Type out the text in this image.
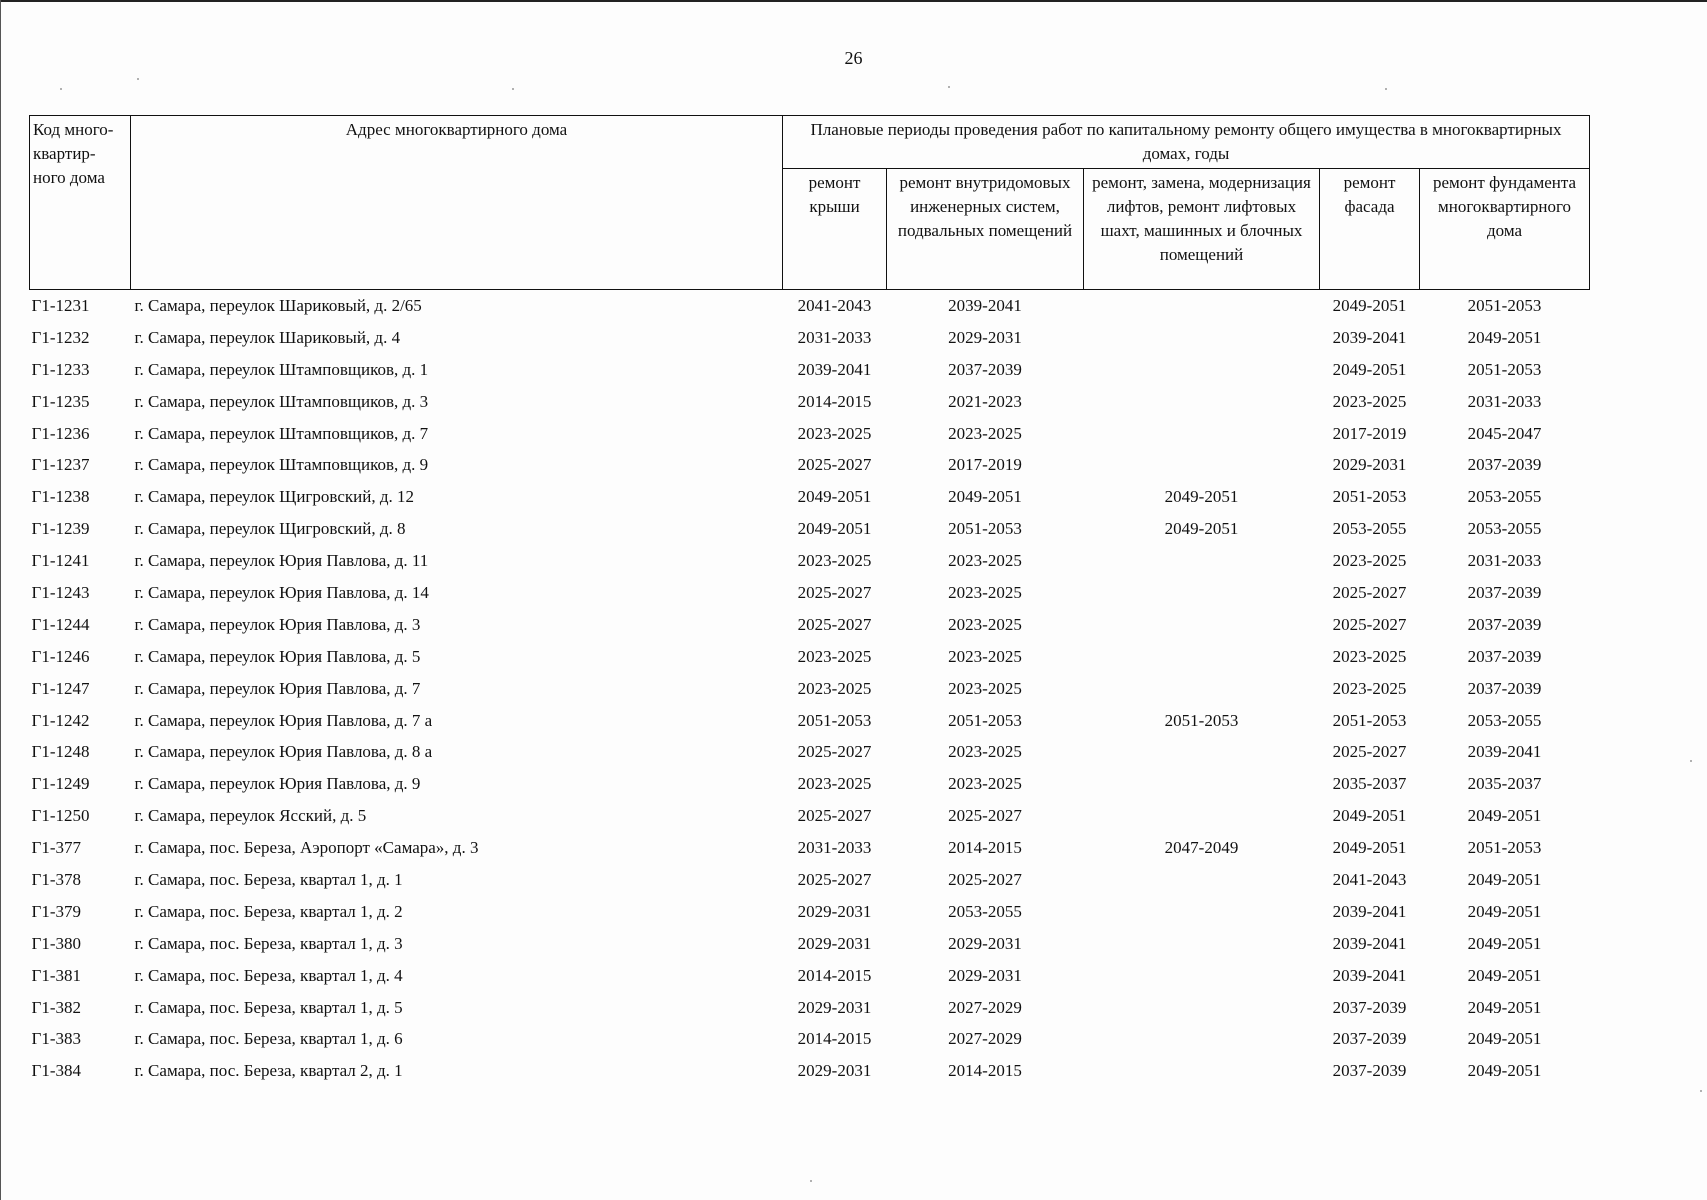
26
Код много-квартир-ного дома	Адрес многоквартирного дома	Плановые периоды проведения работ по капитальному ремонту общего имущества в многоквартирных домах, годы				
		ремонт крыши	ремонт внутридомовых инженерных систем, подвальных помещений	ремонт, замена, модернизация лифтов, ремонт лифтовых шахт, машинных и блочных помещений	ремонт фасада	ремонт фундамента многоквартирного дома
Г1-1231	г. Самара, переулок Шариковый, д. 2/65	2041-2043	2039-2041		2049-2051	2051-2053
Г1-1232	г. Самара, переулок Шариковый, д. 4	2031-2033	2029-2031		2039-2041	2049-2051
Г1-1233	г. Самара, переулок Штамповщиков, д. 1	2039-2041	2037-2039		2049-2051	2051-2053
Г1-1235	г. Самара, переулок Штамповщиков, д. 3	2014-2015	2021-2023		2023-2025	2031-2033
Г1-1236	г. Самара, переулок Штамповщиков, д. 7	2023-2025	2023-2025		2017-2019	2045-2047
Г1-1237	г. Самара, переулок Штамповщиков, д. 9	2025-2027	2017-2019		2029-2031	2037-2039
Г1-1238	г. Самара, переулок Щигровский, д. 12	2049-2051	2049-2051	2049-2051	2051-2053	2053-2055
Г1-1239	г. Самара, переулок Щигровский, д. 8	2049-2051	2051-2053	2049-2051	2053-2055	2053-2055
Г1-1241	г. Самара, переулок Юрия Павлова, д. 11	2023-2025	2023-2025		2023-2025	2031-2033
Г1-1243	г. Самара, переулок Юрия Павлова, д. 14	2025-2027	2023-2025		2025-2027	2037-2039
Г1-1244	г. Самара, переулок Юрия Павлова, д. 3	2025-2027	2023-2025		2025-2027	2037-2039
Г1-1246	г. Самара, переулок Юрия Павлова, д. 5	2023-2025	2023-2025		2023-2025	2037-2039
Г1-1247	г. Самара, переулок Юрия Павлова, д. 7	2023-2025	2023-2025		2023-2025	2037-2039
Г1-1242	г. Самара, переулок Юрия Павлова, д. 7 а	2051-2053	2051-2053	2051-2053	2051-2053	2053-2055
Г1-1248	г. Самара, переулок Юрия Павлова, д. 8 а	2025-2027	2023-2025		2025-2027	2039-2041
Г1-1249	г. Самара, переулок Юрия Павлова, д. 9	2023-2025	2023-2025		2035-2037	2035-2037
Г1-1250	г. Самара, переулок Ясский, д. 5	2025-2027	2025-2027		2049-2051	2049-2051
Г1-377	г. Самара, пос. Береза, Аэропорт «Самара», д. 3	2031-2033	2014-2015	2047-2049	2049-2051	2051-2053
Г1-378	г. Самара, пос. Береза, квартал 1, д. 1	2025-2027	2025-2027		2041-2043	2049-2051
Г1-379	г. Самара, пос. Береза, квартал 1, д. 2	2029-2031	2053-2055		2039-2041	2049-2051
Г1-380	г. Самара, пос. Береза, квартал 1, д. 3	2029-2031	2029-2031		2039-2041	2049-2051
Г1-381	г. Самара, пос. Береза, квартал 1, д. 4	2014-2015	2029-2031		2039-2041	2049-2051
Г1-382	г. Самара, пос. Береза, квартал 1, д. 5	2029-2031	2027-2029		2037-2039	2049-2051
Г1-383	г. Самара, пос. Береза, квартал 1, д. 6	2014-2015	2027-2029		2037-2039	2049-2051
Г1-384	г. Самара, пос. Береза, квартал 2, д. 1	2029-2031	2014-2015		2037-2039	2049-2051
